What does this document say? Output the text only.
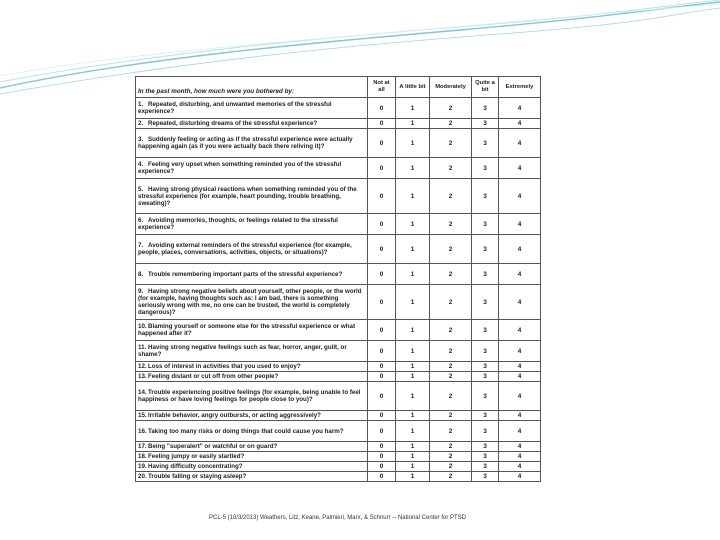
In the past month, how much were you bothered by:	Not at all	A little bit	Moderately	Quite a bit	Extremely
1. Repeated, disturbing, and unwanted memories of the stressful experience?	0	1	2	3	4
2. Repeated, disturbing dreams of the stressful experience?	0	1	2	3	4
3. Suddenly feeling or acting as if the stressful experience were actually happening again (as if you were actually back there reliving it)?	0	1	2	3	4
4. Feeling very upset when something reminded you of the stressful experience?	0	1	2	3	4
5. Having strong physical reactions when something reminded you of the stressful experience (for example, heart pounding, trouble breathing, sweating)?	0	1	2	3	4
6. Avoiding memories, thoughts, or feelings related to the stressful experience?	0	1	2	3	4
7. Avoiding external reminders of the stressful experience (for example, people, places, conversations, activities, objects, or situations)?	0	1	2	3	4
8. Trouble remembering important parts of the stressful experience?	0	1	2	3	4
9. Having strong negative beliefs about yourself, other people, or the world (for example, having thoughts such as: I am bad, there is something seriously wrong with me, no one can be trusted, the world is completely dangerous)?	0	1	2	3	4
10.Blaming yourself or someone else for the stressful experience or what happened after it?	0	1	2	3	4
11. Having strong negative feelings such as fear, horror, anger, guilt, or shame?	0	1	2	3	4
12.Loss of interest in activities that you used to enjoy?	0	1	2	3	4
13.Feeling distant or cut off from other people?	0	1	2	3	4
14.Trouble experiencing positive feelings (for example, being unable to feel happiness or have loving feelings for people close to you)?	0	1	2	3	4
15.Irritable behavior, angry outbursts, or acting aggressively?	0	1	2	3	4
16.Taking too many risks or doing things that could cause you harm?	0	1	2	3	4
17.Being "superalert" or watchful or on guard?	0	1	2	3	4
18.Feeling jumpy or easily startled?	0	1	2	3	4
19.Having difficulty concentrating?	0	1	2	3	4
20.Trouble falling or staying asleep?	0	1	2	3	4
PCL-5 (10/3/2013) Weathers, Litz, Keane, Palmieri, Marx, & Schnurr -- National Center for PTSD
